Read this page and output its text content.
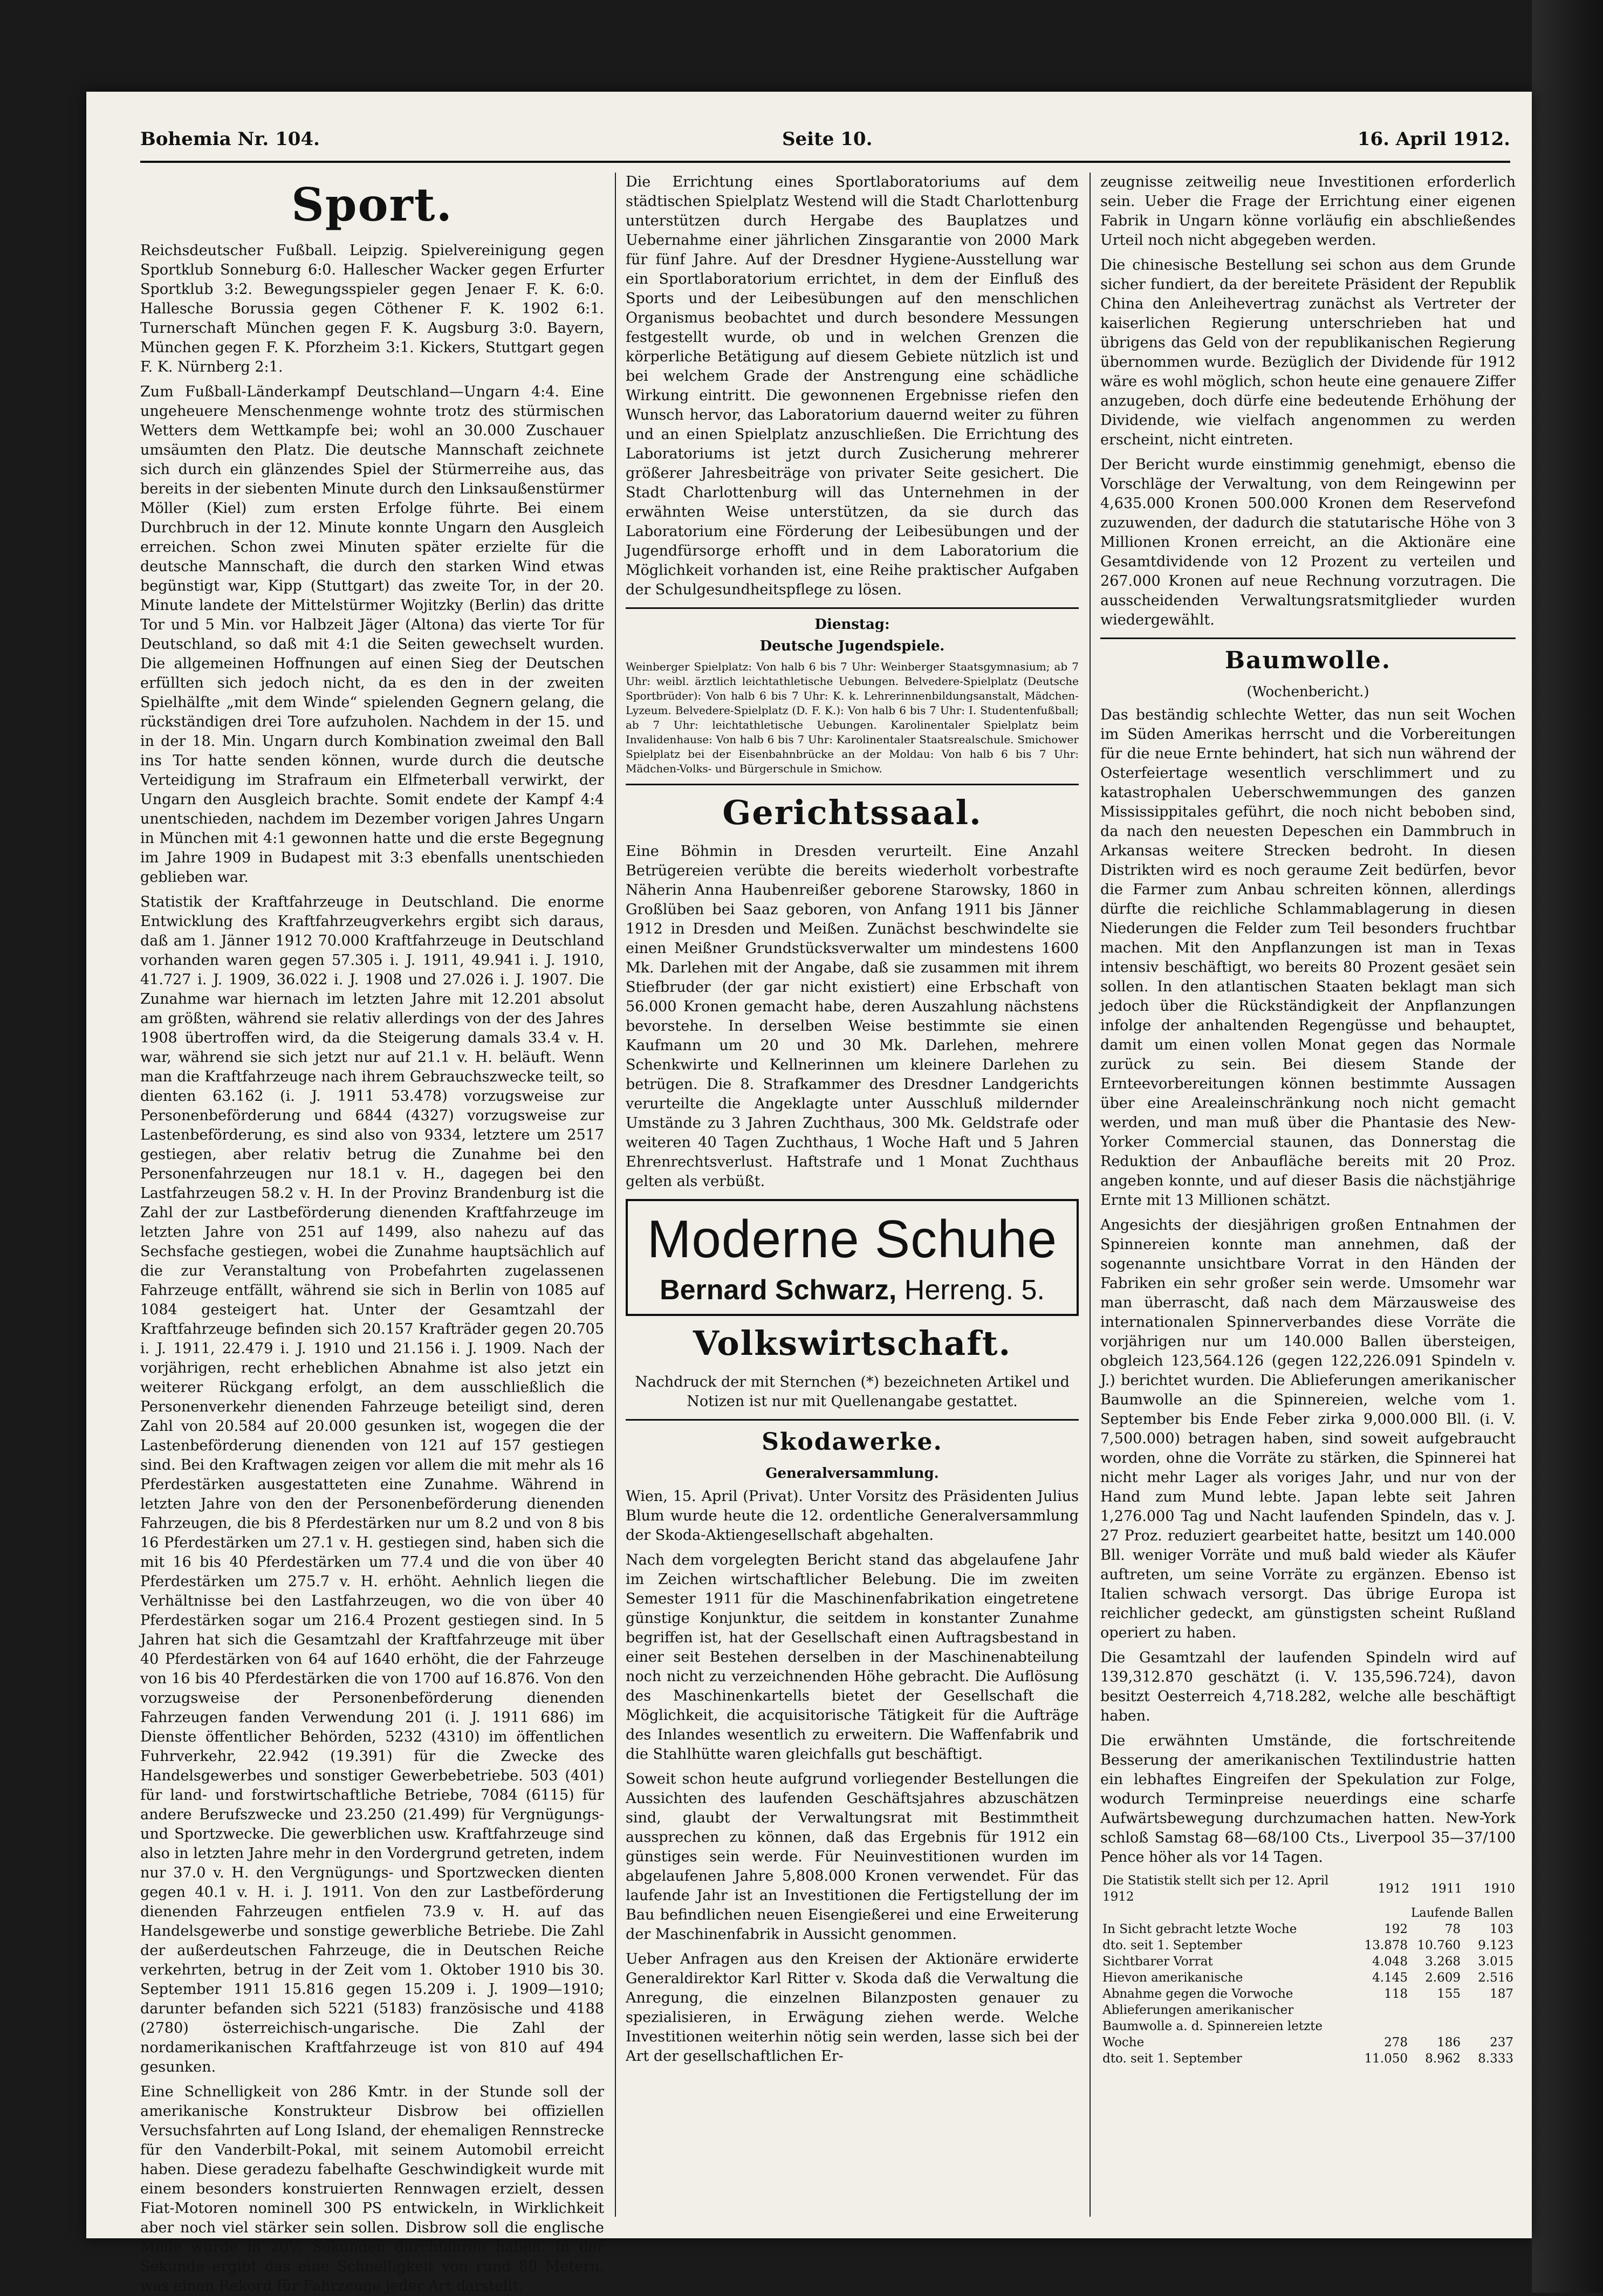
Bohemia Nr. 104.	Seite 10.	16. April 1912.
Sport.

Reichsdeutscher Fußball. Leipzig. Spielvereinigung gegen Sportklub Sonneburg 6:0. Hallescher Wacker gegen Erfurter Sportklub 3:2. Bewegungsspieler gegen Jenaer F. K. 6:0. Hallesche Borussia gegen Cöthener F. K. 1902 6:1. Turnerschaft München gegen F. K. Augsburg 3:0. Bayern, München gegen F. K. Pforzheim 3:1. Kickers, Stuttgart gegen F. K. Nürnberg 2:1.

Zum Fußball-Länderkampf Deutschland—Ungarn 4:4. Eine ungeheuere Menschenmenge wohnte trotz des stürmischen Wetters dem Wettkampfe bei; wohl an 30.000 Zuschauer umsäumten den Platz. Die deutsche Mannschaft zeichnete sich durch ein glänzendes Spiel der Stürmerreihe aus, das bereits in der siebenten Minute durch den Linksaußenstürmer Möller (Kiel) zum ersten Erfolge führte. Bei einem Durchbruch in der 12. Minute konnte Ungarn den Ausgleich erreichen. Schon zwei Minuten später erzielte für die deutsche Mannschaft, die durch den starken Wind etwas begünstigt war, Kipp (Stuttgart) das zweite Tor, in der 20. Minute landete der Mittelstürmer Wojitzky (Berlin) das dritte Tor und 5 Min. vor Halbzeit Jäger (Altona) das vierte Tor für Deutschland, so daß mit 4:1 die Seiten gewechselt wurden. Die allgemeinen Hoffnungen auf einen Sieg der Deutschen erfüllten sich jedoch nicht, da es den in der zweiten Spielhälfte „mit dem Winde“ spielenden Gegnern gelang, die rückständigen drei Tore aufzuholen. Nachdem in der 15. und in der 18. Min. Ungarn durch Kombination zweimal den Ball ins Tor hatte senden können, wurde durch die deutsche Verteidigung im Strafraum ein Elfmeterball verwirkt, der Ungarn den Ausgleich brachte. Somit endete der Kampf 4:4 unentschieden, nachdem im Dezember vorigen Jahres Ungarn in München mit 4:1 gewonnen hatte und die erste Begegnung im Jahre 1909 in Budapest mit 3:3 ebenfalls unentschieden geblieben war.

Statistik der Kraftfahrzeuge in Deutschland. Die enorme Entwicklung des Kraftfahrzeugverkehrs ergibt sich daraus, daß am 1. Jänner 1912 70.000 Kraftfahrzeuge in Deutschland vorhanden waren gegen 57.305 i. J. 1911, 49.941 i. J. 1910, 41.727 i. J. 1909, 36.022 i. J. 1908 und 27.026 i. J. 1907. Die Zunahme war hiernach im letzten Jahre mit 12.201 absolut am größten, während sie relativ allerdings von der des Jahres 1908 übertroffen wird, da die Steigerung damals 33.4 v. H. war, während sie sich jetzt nur auf 21.1 v. H. beläuft. Wenn man die Kraftfahrzeuge nach ihrem Gebrauchszwecke teilt, so dienten 63.162 (i. J. 1911 53.478) vorzugsweise zur Personenbeförderung und 6844 (4327) vorzugsweise zur Lastenbeförderung, es sind also von 9334, letztere um 2517 gestiegen, aber relativ betrug die Zunahme bei den Personenfahrzeugen nur 18.1 v. H., dagegen bei den Lastfahrzeugen 58.2 v. H. In der Provinz Brandenburg ist die Zahl der zur Lastbeförderung dienenden Kraftfahrzeuge im letzten Jahre von 251 auf 1499, also nahezu auf das Sechsfache gestiegen, wobei die Zunahme hauptsächlich auf die zur Veranstaltung von Probefahrten zugelassenen Fahrzeuge entfällt, während sie sich in Berlin von 1085 auf 1084 gesteigert hat. Unter der Gesamtzahl der Kraftfahrzeuge befinden sich 20.157 Krafträder gegen 20.705 i. J. 1911, 22.479 i. J. 1910 und 21.156 i. J. 1909. Nach der vorjährigen, recht erheblichen Abnahme ist also jetzt ein weiterer Rückgang erfolgt, an dem ausschließlich die Personenverkehr dienenden Fahrzeuge beteiligt sind, deren Zahl von 20.584 auf 20.000 gesunken ist, wogegen die der Lastenbeförderung dienenden von 121 auf 157 gestiegen sind. Bei den Kraftwagen zeigen vor allem die mit mehr als 16 Pferdestärken ausgestatteten eine Zunahme. Während in letzten Jahre von den der Personenbeförderung dienenden Fahrzeugen, die bis 8 Pferdestärken nur um 8.2 und von 8 bis 16 Pferdestärken um 27.1 v. H. gestiegen sind, haben sich die mit 16 bis 40 Pferdestärken um 77.4 und die von über 40 Pferdestärken um 275.7 v. H. erhöht. Aehnlich liegen die Verhältnisse bei den Lastfahrzeugen, wo die von über 40 Pferdestärken sogar um 216.4 Prozent gestiegen sind. In 5 Jahren hat sich die Gesamtzahl der Kraftfahrzeuge mit über 40 Pferdestärken von 64 auf 1640 erhöht, die der Fahrzeuge von 16 bis 40 Pferdestärken die von 1700 auf 16.876. Von den vorzugsweise der Personenbeförderung dienenden Fahrzeugen fanden Verwendung 201 (i. J. 1911 686) im Dienste öffentlicher Behörden, 5232 (4310) im öffentlichen Fuhrverkehr, 22.942 (19.391) für die Zwecke des Handelsgewerbes und sonstiger Gewerbebetriebe. 503 (401) für land- und forstwirtschaftliche Betriebe, 7084 (6115) für andere Berufszwecke und 23.250 (21.499) für Vergnügungs- und Sportzwecke. Die gewerblichen usw. Kraftfahrzeuge sind also in letzten Jahre mehr in den Vordergrund getreten, indem nur 37.0 v. H. den Vergnügungs- und Sportzwecken dienten gegen 40.1 v. H. i. J. 1911. Von den zur Lastbeförderung dienenden Fahrzeugen entfielen 73.9 v. H. auf das Handelsgewerbe und sonstige gewerbliche Betriebe. Die Zahl der außerdeutschen Fahrzeuge, die in Deutschen Reiche verkehrten, betrug in der Zeit vom 1. Oktober 1910 bis 30. September 1911 15.816 gegen 15.209 i. J. 1909—1910; darunter befanden sich 5221 (5183) französische und 4188 (2780) österreichisch-ungarische. Die Zahl der nordamerikanischen Kraftfahrzeuge ist von 810 auf 494 gesunken.

Eine Schnelligkeit von 286 Kmtr. in der Stunde soll der amerikanische Konstrukteur Disbrow bei offiziellen Versuchsfahrten auf Long Island, der ehemaligen Rennstrecke für den Vanderbilt-Pokal, mit seinem Automobil erreicht haben. Diese geradezu fabelhafte Geschwindigkeit wurde mit einem besonders konstruierten Rennwagen erzielt, dessen Fiat-Motoren nominell 300 PS entwickeln, in Wirklichkeit aber noch viel stärker sein sollen. Disbrow soll die englische Meile wurde in 20⅕ Sekunden durchfahren haben. In der Sekunde ergibt das eine Schnelligkeit von rund 80 Metern, was einen Rekord für Fahrzeuge jeder Art darstellt.

Die Errichtung eines Sportlaboratoriums auf dem städtischen Spielplatz Westend will die Stadt Charlottenburg unterstützen durch Hergabe des Bauplatzes und Uebernahme einer jährlichen Zinsgarantie von 2000 Mark für fünf Jahre. Auf der Dresdner Hygiene-Ausstellung war ein Sportlaboratorium errichtet, in dem der Einfluß des Sports und der Leibesübungen auf den menschlichen Organismus beobachtet und durch besondere Messungen festgestellt wurde, ob und in welchen Grenzen die körperliche Betätigung auf diesem Gebiete nützlich ist und bei welchem Grade der Anstrengung eine schädliche Wirkung eintritt. Die gewonnenen Ergebnisse riefen den Wunsch hervor, das Laboratorium dauernd weiter zu führen und an einen Spielplatz anzuschließen. Die Errichtung des Laboratoriums ist jetzt durch Zusicherung mehrerer größerer Jahresbeiträge von privater Seite gesichert. Die Stadt Charlottenburg will das Unternehmen in der erwähnten Weise unterstützen, da sie durch das Laboratorium eine Förderung der Leibesübungen und der Jugendfürsorge erhofft und in dem Laboratorium die Möglichkeit vorhanden ist, eine Reihe praktischer Aufgaben der Schulgesundheitspflege zu lösen.

Dienstag:
Deutsche Jugendspiele.

Weinberger Spielplatz: Von halb 6 bis 7 Uhr: Weinberger Staatsgymnasium; ab 7 Uhr: weibl. ärztlich leichtathletische Uebungen. Belvedere-Spielplatz (Deutsche Sportbrüder): Von halb 6 bis 7 Uhr: K. k. Lehrerinnenbildungsanstalt, Mädchen-Lyzeum. Belvedere-Spielplatz (D. F. K.): Von halb 6 bis 7 Uhr: I. Studentenfußball; ab 7 Uhr: leichtathletische Uebungen. Karolinentaler Spielplatz beim Invalidenhause: Von halb 6 bis 7 Uhr: Karolinentaler Staatsrealschule. Smichower Spielplatz bei der Eisenbahnbrücke an der Moldau: Von halb 6 bis 7 Uhr: Mädchen-Volks- und Bürgerschule in Smichow.

Gerichtssaal.

Eine Böhmin in Dresden verurteilt. Eine Anzahl Betrügereien verübte die bereits wiederholt vorbestrafte Näherin Anna Haubenreißer geborene Starowsky, 1860 in Großlüben bei Saaz geboren, von Anfang 1911 bis Jänner 1912 in Dresden und Meißen. Zunächst beschwindelte sie einen Meißner Grundstücksverwalter um mindestens 1600 Mk. Darlehen mit der Angabe, daß sie zusammen mit ihrem Stiefbruder (der gar nicht existiert) eine Erbschaft von 56.000 Kronen gemacht habe, deren Auszahlung nächstens bevorstehe. In derselben Weise bestimmte sie einen Kaufmann um 20 und 30 Mk. Darlehen, mehrere Schenkwirte und Kellnerinnen um kleinere Darlehen zu betrügen. Die 8. Strafkammer des Dresdner Landgerichts verurteilte die Angeklagte unter Ausschluß mildernder Umstände zu 3 Jahren Zuchthaus, 300 Mk. Geldstrafe oder weiteren 40 Tagen Zuchthaus, 1 Woche Haft und 5 Jahren Ehrenrechtsverlust. Haftstrafe und 1 Monat Zuchthaus gelten als verbüßt.

Moderne Schuhe
Bernard Schwarz, Herreng. 5.
Volkswirtschaft.

Nachdruck der mit Sternchen (*) bezeichneten Artikel und Notizen ist nur mit Quellenangabe gestattet.

Skodawerke.
Generalversammlung.

Wien, 15. April (Privat). Unter Vorsitz des Präsidenten Julius Blum wurde heute die 12. ordentliche Generalversammlung der Skoda-Aktiengesellschaft abgehalten.

Nach dem vorgelegten Bericht stand das abgelaufene Jahr im Zeichen wirtschaftlicher Belebung. Die im zweiten Semester 1911 für die Maschinenfabrikation eingetretene günstige Konjunktur, die seitdem in konstanter Zunahme begriffen ist, hat der Gesellschaft einen Auftragsbestand in einer seit Bestehen derselben in der Maschinenabteilung noch nicht zu verzeichnenden Höhe gebracht. Die Auflösung des Maschinenkartells bietet der Gesellschaft die Möglichkeit, die acquisitorische Tätigkeit für die Aufträge des Inlandes wesentlich zu erweitern. Die Waffenfabrik und die Stahlhütte waren gleichfalls gut beschäftigt.

Soweit schon heute aufgrund vorliegender Bestellungen die Aussichten des laufenden Geschäftsjahres abzuschätzen sind, glaubt der Verwaltungsrat mit Bestimmtheit aussprechen zu können, daß das Ergebnis für 1912 ein günstiges sein werde. Für Neuinvestitionen wurden im abgelaufenen Jahre 5,808.000 Kronen verwendet. Für das laufende Jahr ist an Investitionen die Fertigstellung der im Bau befindlichen neuen Eisengießerei und eine Erweiterung der Maschinenfabrik in Aussicht genommen.

Ueber Anfragen aus den Kreisen der Aktionäre erwiderte Generaldirektor Karl Ritter v. Skoda daß die Verwaltung die Anregung, die einzelnen Bilanzposten genauer zu spezialisieren, in Erwägung ziehen werde. Welche Investitionen weiterhin nötig sein werden, lasse sich bei der Art der gesellschaftlichen Er-

zeugnisse zeitweilig neue Investitionen erforderlich sein. Ueber die Frage der Errichtung einer eigenen Fabrik in Ungarn könne vorläufig ein abschließendes Urteil noch nicht abgegeben werden.

Die chinesische Bestellung sei schon aus dem Grunde sicher fundiert, da der bereitete Präsident der Republik China den Anleihevertrag zunächst als Vertreter der kaiserlichen Regierung unterschrieben hat und übrigens das Geld von der republikanischen Regierung übernommen wurde. Bezüglich der Dividende für 1912 wäre es wohl möglich, schon heute eine genauere Ziffer anzugeben, doch dürfe eine bedeutende Erhöhung der Dividende, wie vielfach angenommen zu werden erscheint, nicht eintreten.

Der Bericht wurde einstimmig genehmigt, ebenso die Vorschläge der Verwaltung, von dem Reingewinn per 4,635.000 Kronen 500.000 Kronen dem Reservefond zuzuwenden, der dadurch die statutarische Höhe von 3 Millionen Kronen erreicht, an die Aktionäre eine Gesamtdividende von 12 Prozent zu verteilen und 267.000 Kronen auf neue Rechnung vorzutragen. Die ausscheidenden Verwaltungsratsmitglieder wurden wiedergewählt.

Baumwolle.
(Wochenbericht.)

Das beständig schlechte Wetter, das nun seit Wochen im Süden Amerikas herrscht und die Vorbereitungen für die neue Ernte behindert, hat sich nun während der Osterfeiertage wesentlich verschlimmert und zu katastrophalen Ueberschwemmungen des ganzen Mississippitales geführt, die noch nicht beboben sind, da nach den neuesten Depeschen ein Dammbruch in Arkansas weitere Strecken bedroht. In diesen Distrikten wird es noch geraume Zeit bedürfen, bevor die Farmer zum Anbau schreiten können, allerdings dürfte die reichliche Schlammablagerung in diesen Niederungen die Felder zum Teil besonders fruchtbar machen. Mit den Anpflanzungen ist man in Texas intensiv beschäftigt, wo bereits 80 Prozent gesäet sein sollen. In den atlantischen Staaten beklagt man sich jedoch über die Rückständigkeit der Anpflanzungen infolge der anhaltenden Regengüsse und behauptet, damit um einen vollen Monat gegen das Normale zurück zu sein. Bei diesem Stande der Ernteevorbereitungen können bestimmte Aussagen über eine Arealeinschränkung noch nicht gemacht werden, und man muß über die Phantasie des New-Yorker Commercial staunen, das Donnerstag die Reduktion der Anbaufläche bereits mit 20 Proz. angeben konnte, und auf dieser Basis die nächstjährige Ernte mit 13 Millionen schätzt.

Angesichts der diesjährigen großen Entnahmen der Spinnereien konnte man annehmen, daß der sogenannte unsichtbare Vorrat in den Händen der Fabriken ein sehr großer sein werde. Umsomehr war man überrascht, daß nach dem Märzausweise des internationalen Spinnerverbandes diese Vorräte die vorjährigen nur um 140.000 Ballen übersteigen, obgleich 123,564.126 (gegen 122,226.091 Spindeln v. J.) berichtet wurden. Die Ablieferungen amerikanischer Baumwolle an die Spinnereien, welche vom 1. September bis Ende Feber zirka 9,000.000 Bll. (i. V. 7,500.000) betragen haben, sind soweit aufgebraucht worden, ohne die Vorräte zu stärken, die Spinnerei hat nicht mehr Lager als voriges Jahr, und nur von der Hand zum Mund lebte. Japan lebte seit Jahren 1,276.000 Tag und Nacht laufenden Spindeln, das v. J. 27 Proz. reduziert gearbeitet hatte, besitzt um 140.000 Bll. weniger Vorräte und muß bald wieder als Käufer auftreten, um seine Vorräte zu ergänzen. Ebenso ist Italien schwach versorgt. Das übrige Europa ist reichlicher gedeckt, am günstigsten scheint Rußland operiert zu haben.

Die Gesamtzahl der laufenden Spindeln wird auf 139,312.870 geschätzt (i. V. 135,596.724), davon besitzt Oesterreich 4,718.282, welche alle beschäftigt haben.

Die erwähnten Umstände, die fortschreitende Besserung der amerikanischen Textilindustrie hatten ein lebhaftes Eingreifen der Spekulation zur Folge, wodurch Terminpreise neuerdings eine scharfe Aufwärtsbewegung durchzumachen hatten. New-York schloß Samstag 68—68/100 Cts., Liverpool 35—37/100 Pence höher als vor 14 Tagen.

Die Statistik stellt sich per 12. April 1912	1912	1911	1910
	Laufende Ballen		
In Sicht gebracht letzte Woche	192	78	103
dto. seit 1. September	13.878	10.760	9.123
Sichtbarer Vorrat	4.048	3.268	3.015
Hievon amerikanische	4.145	2.609	2.516
Abnahme gegen die Vorwoche	118	155	187
Ablieferungen amerikanischer Baumwolle a. d. Spinnereien letzte Woche	278	186	237
dto. seit 1. September	11.050	8.962	8.333
